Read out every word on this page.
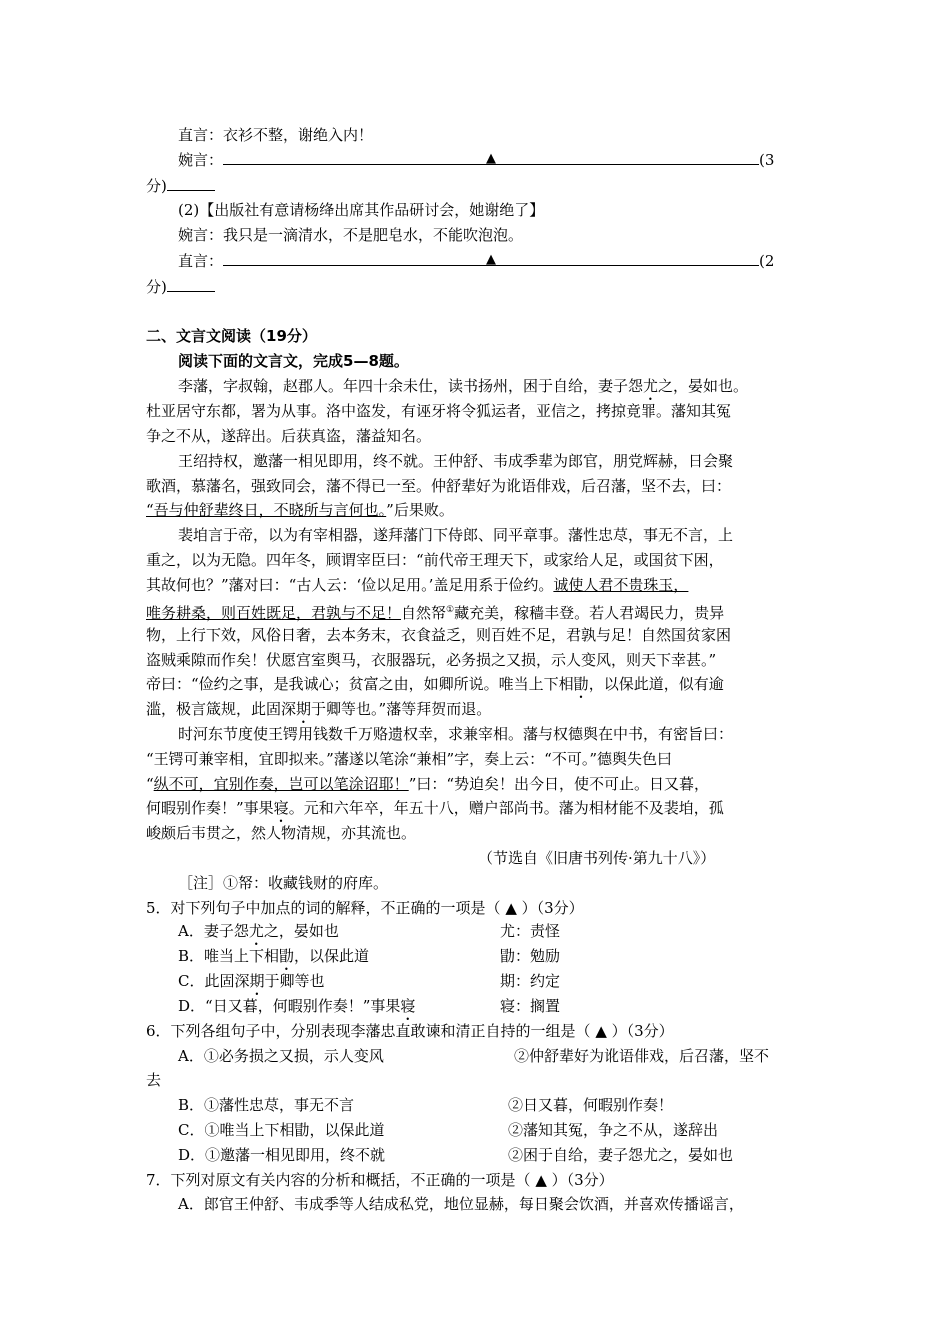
直言：衣衫不整，谢绝入内！
婉言：	▲	(3
分)
(2)【出版社有意请杨绛出席其作品研讨会，她谢绝了】
婉言：我只是一滴清水，不是肥皂水，不能吹泡泡。
直言：	▲	(2
分)
二、文言文阅读（19分）
阅读下面的文言文，完成5—8题。
李藩，字叔翰，赵郡人。年四十余未仕，读书扬州，困于自给，妻子怨尤之，晏如也。
杜亚居守东都，署为从事。洛中盗发，有诬牙将令狐运者，亚信之，拷掠竟罪。藩知其冤
争之不从，遂辞出。后获真盗，藩益知名。
王绍持权，邀藩一相见即用，终不就。王仲舒、韦成季辈为郎官，朋党辉赫，日会聚
歌酒，慕藩名，强致同会，藩不得已一至。仲舒辈好为讹语俳戏，后召藩，坚不去，曰：
“吾与仲舒辈终日，不晓所与言何也。”后果败。
裴垍言于帝，以为有宰相器，遂拜藩门下侍郎、同平章事。藩性忠荩，事无不言，上
重之，以为无隐。四年冬，顾谓宰臣曰：“前代帝王理天下，或家给人足，或国贫下困，
其故何也？”藩对曰：“古人云：‘俭以足用。’盖足用系于俭约。诚使人君不贵珠玉，
唯务耕桑，则百姓既足，君孰与不足！自然帑①藏充美，稼穑丰登。若人君竭民力，贵异
物，上行下效，风俗日奢，去本务末，衣食益乏，则百姓不足，君孰与足！自然国贫家困
盗贼乘隙而作矣！伏愿宫室舆马，衣服器玩，必务损之又损，示人变风，则天下幸甚。”
帝曰：“俭约之事，是我诚心；贫富之由，如卿所说。唯当上下相勖，以保此道，似有逾
滥，极言箴规，此固深期于卿等也。”藩等拜贺而退。
时河东节度使王锷用钱数千万赂遗权幸，求兼宰相。藩与权德舆在中书，有密旨曰：
“王锷可兼宰相，宜即拟来。”藩遂以笔涂“兼相”字，奏上云：“不可。”德舆失色曰
“纵不可，宜别作奏，岂可以笔涂诏耶！”曰：“势迫矣！出今日，使不可止。日又暮，
何暇别作奏！”事果寝。元和六年卒，年五十八，赠户部尚书。藩为相材能不及裴垍，孤
峻颇后韦贯之，然人物清规，亦其流也。
（节选自《旧唐书列传·第九十八》）
［注］①帑：收藏钱财的府库。
5．对下列句子中加点的词的解释，不正确的一项是（ ▲ ）（3分）
A．妻子怨尤之，晏如也	尤：责怪
B．唯当上下相勖，以保此道	勖：勉励
C．此固深期于卿等也	期：约定
D．“日又暮，何暇别作奏！”事果寝	寝：搁置
6．下列各组句子中，分别表现李藩忠直敢谏和清正自持的一组是（ ▲ ）（3分）
A．①必务损之又损，示人变风	②仲舒辈好为讹语俳戏，后召藩，坚不
去
B．①藩性忠荩，事无不言	②日又暮，何暇别作奏！
C．①唯当上下相勖，以保此道	②藩知其冤，争之不从，遂辞出
D．①邀藩一相见即用，终不就	②困于自给，妻子怨尤之，晏如也
7．下列对原文有关内容的分析和概括，不正确的一项是（ ▲ ）（3分）
A．郎官王仲舒、韦成季等人结成私党，地位显赫，每日聚会饮酒，并喜欢传播谣言，
